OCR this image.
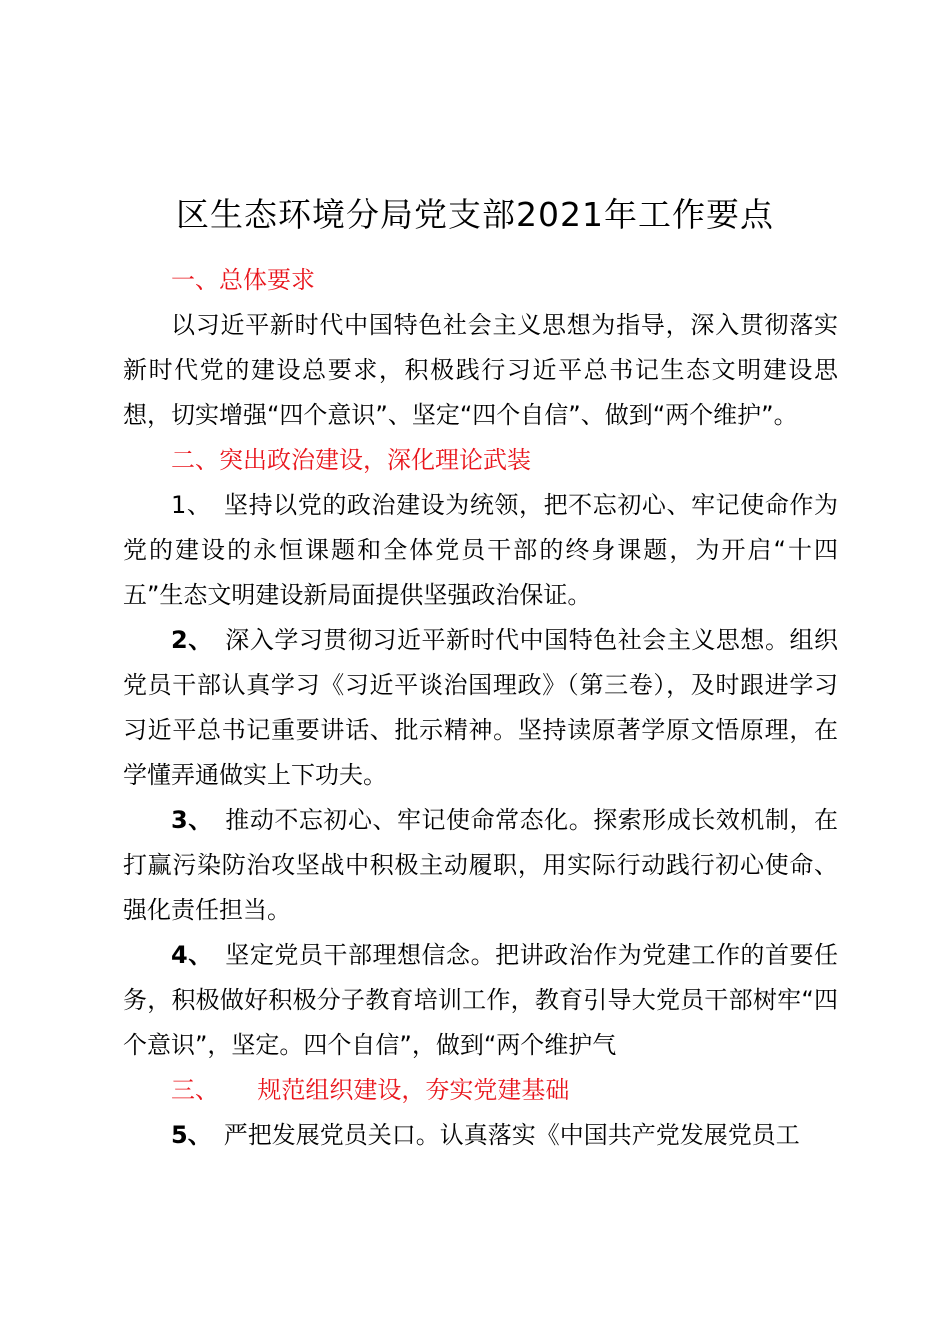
区生态环境分局党支部2021年工作要点

一、总体要求

以习近平新时代中国特色社会主义思想为指导，深入贯彻落实新时代党的建设总要求，积极践行习近平总书记生态文明建设思想，切实增强“四个意识”、坚定“四个自信”、做到“两个维护”。

二、突出政治建设，深化理论武装

1、 坚持以党的政治建设为统领，把不忘初心、牢记使命作为党的建设的永恒课题和全体党员干部的终身课题，为开启“十四五”生态文明建设新局面提供坚强政治保证。

2、 深入学习贯彻习近平新时代中国特色社会主义思想。组织党员干部认真学习《习近平谈治国理政》（第三卷），及时跟进学习习近平总书记重要讲话、批示精神。坚持读原著学原文悟原理，在学懂弄通做实上下功夫。

3、 推动不忘初心、牢记使命常态化。探索形成长效机制，在打赢污染防治攻坚战中积极主动履职，用实际行动践行初心使命、强化责任担当。

4、 坚定党员干部理想信念。把讲政治作为党建工作的首要任务，积极做好积极分子教育培训工作，教育引导大党员干部树牢“四个意识”，坚定。四个自信”，做到“两个维护气

三、 规范组织建设，夯实党建基础

5、 严把发展党员关口。认真落实《中国共产党发展党员工
